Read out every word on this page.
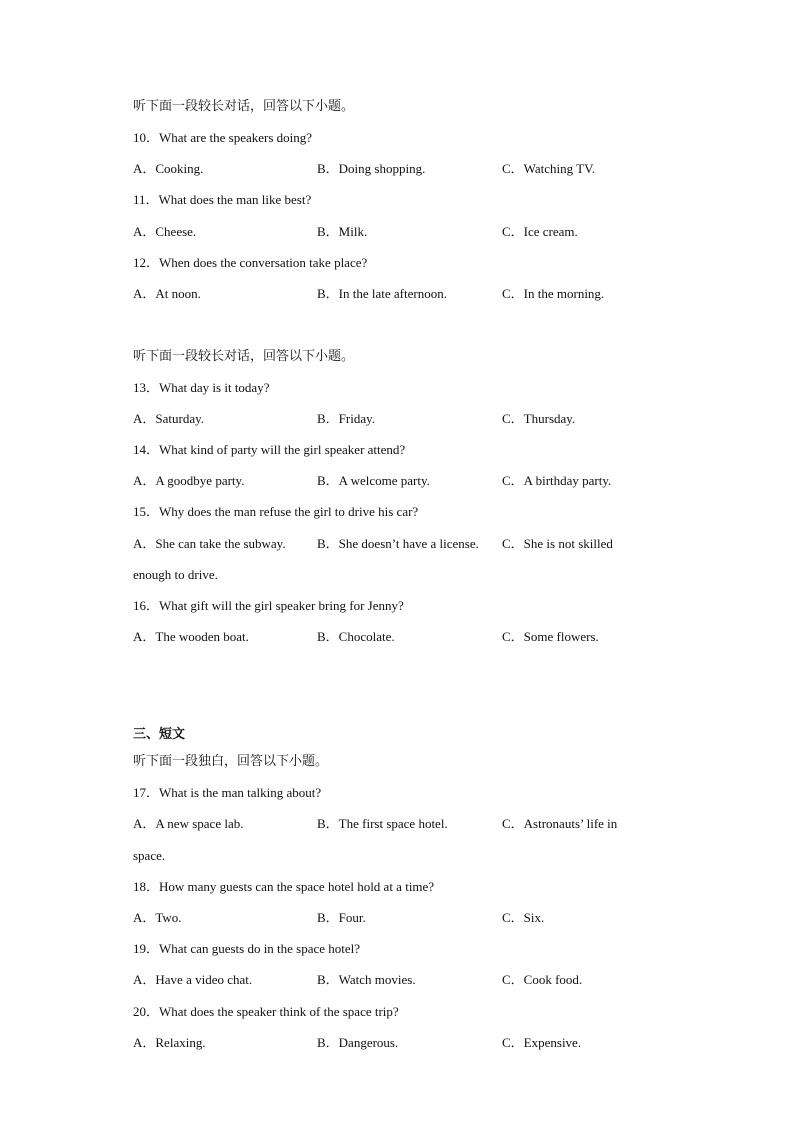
听下面一段较长对话，回答以下小题。
10．What are the speakers doing?
A．Cooking.	B．Doing shopping.	C．Watching TV.
11．What does the man like best?
A．Cheese.	B．Milk.	C．Ice cream.
12．When does the conversation take place?
A．At noon.	B．In the late afternoon.	C．In the morning.
听下面一段较长对话，回答以下小题。
13．What day is it today?
A．Saturday.	B．Friday.	C．Thursday.
14．What kind of party will the girl speaker attend?
A．A goodbye party.	B．A welcome party.	C．A birthday party.
15．Why does the man refuse the girl to drive his car?
A．She can take the subway. B．She doesn’t have a license. C．She is not skilled
enough to drive.
16．What gift will the girl speaker bring for Jenny?
A．The wooden boat.	B．Chocolate.	C．Some flowers.
三、短文
听下面一段独白，回答以下小题。
17．What is the man talking about?
A．A new space lab.	B．The first space hotel.	C．Astronauts’ life in
space.
18．How many guests can the space hotel hold at a time?
A．Two.	B．Four.	C．Six.
19．What can guests do in the space hotel?
A．Have a video chat.	B．Watch movies.	C．Cook food.
20．What does the speaker think of the space trip?
A．Relaxing.	B．Dangerous.	C．Expensive.
